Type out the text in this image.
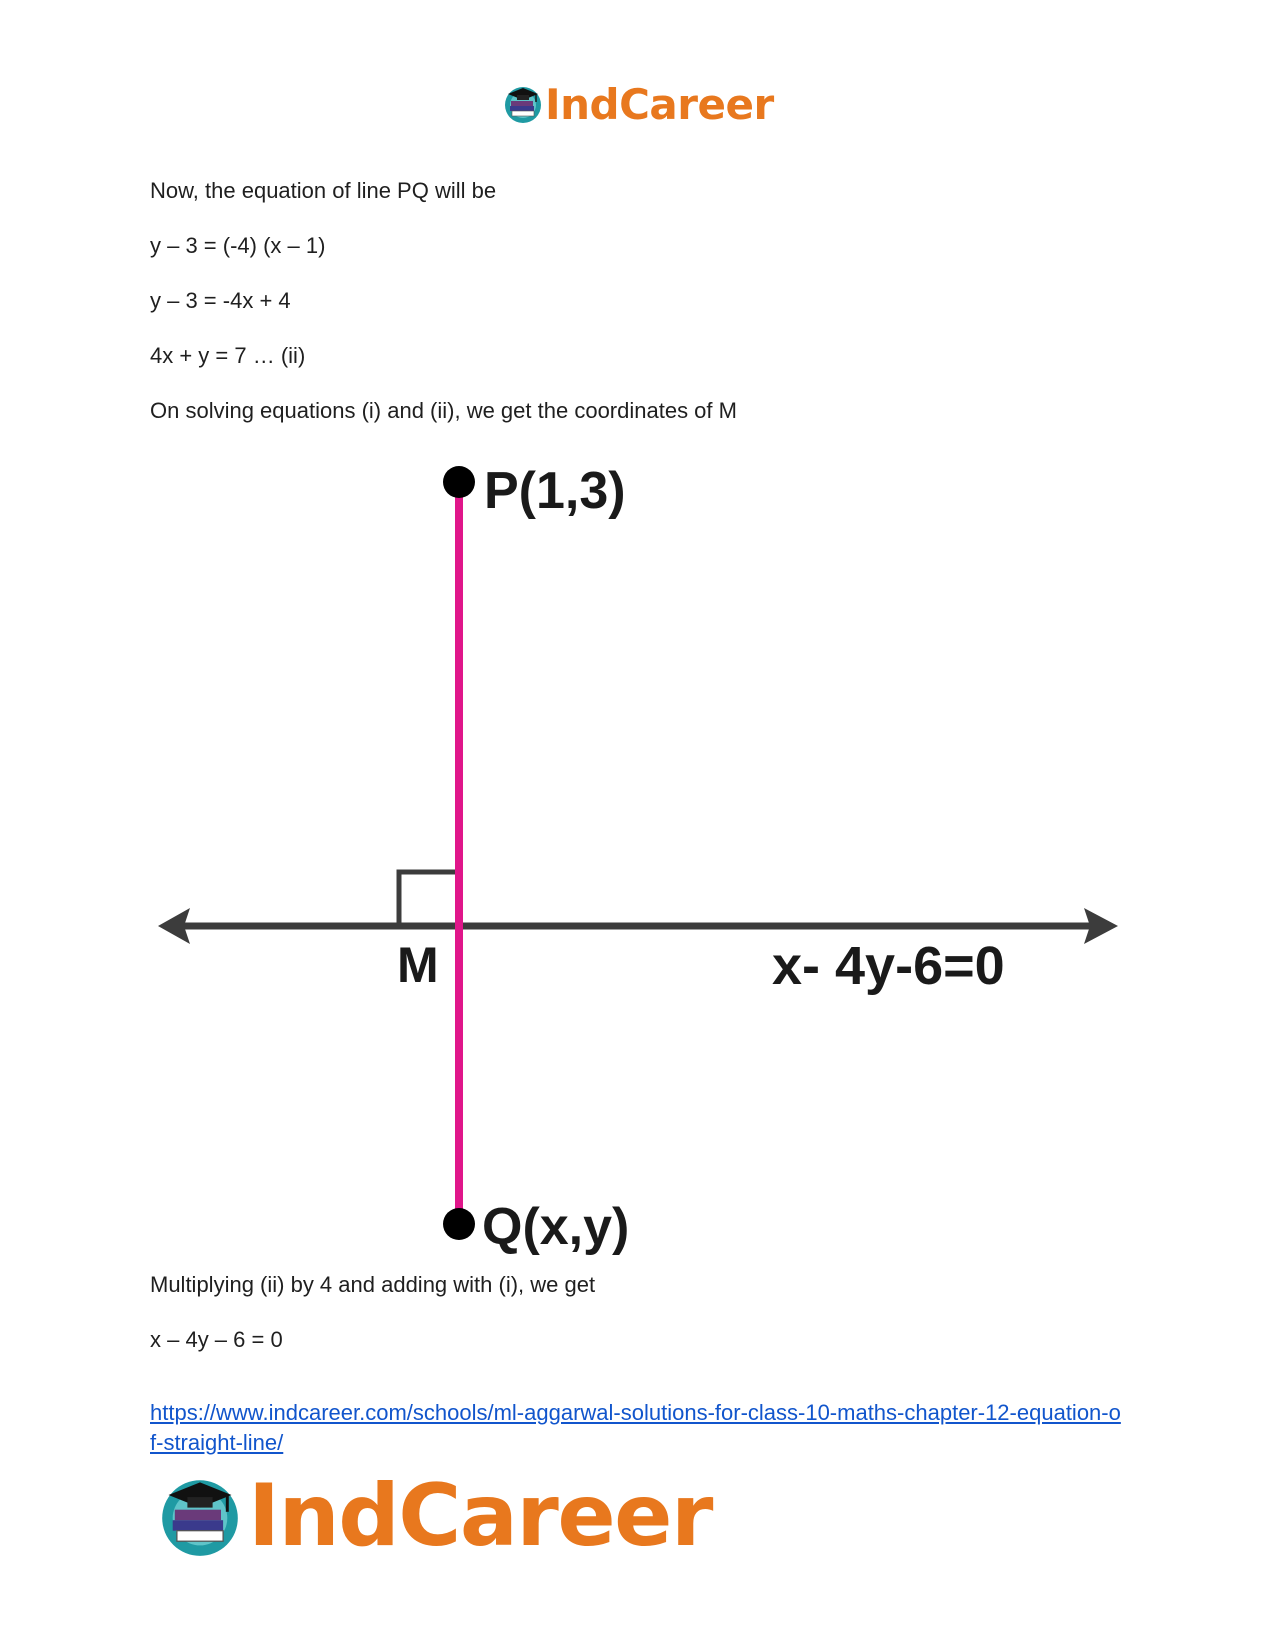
IndCareer

Now, the equation of line PQ will be

y – 3 = (-4) (x – 1)

y – 3 = -4x + 4

4x + y = 7 … (ii)

On solving equations (i) and (ii), we get the coordinates of M

P(1,3)
Q(x,y)
M	x- 4y-6=0

Multiplying (ii) by 4 and adding with (i), we get

x – 4y – 6 = 0

https://www.indcareer.com/schools/ml-aggarwal-solutions-for-class-10-maths-chapter-12-equation-of-straight-line/

IndCareer
